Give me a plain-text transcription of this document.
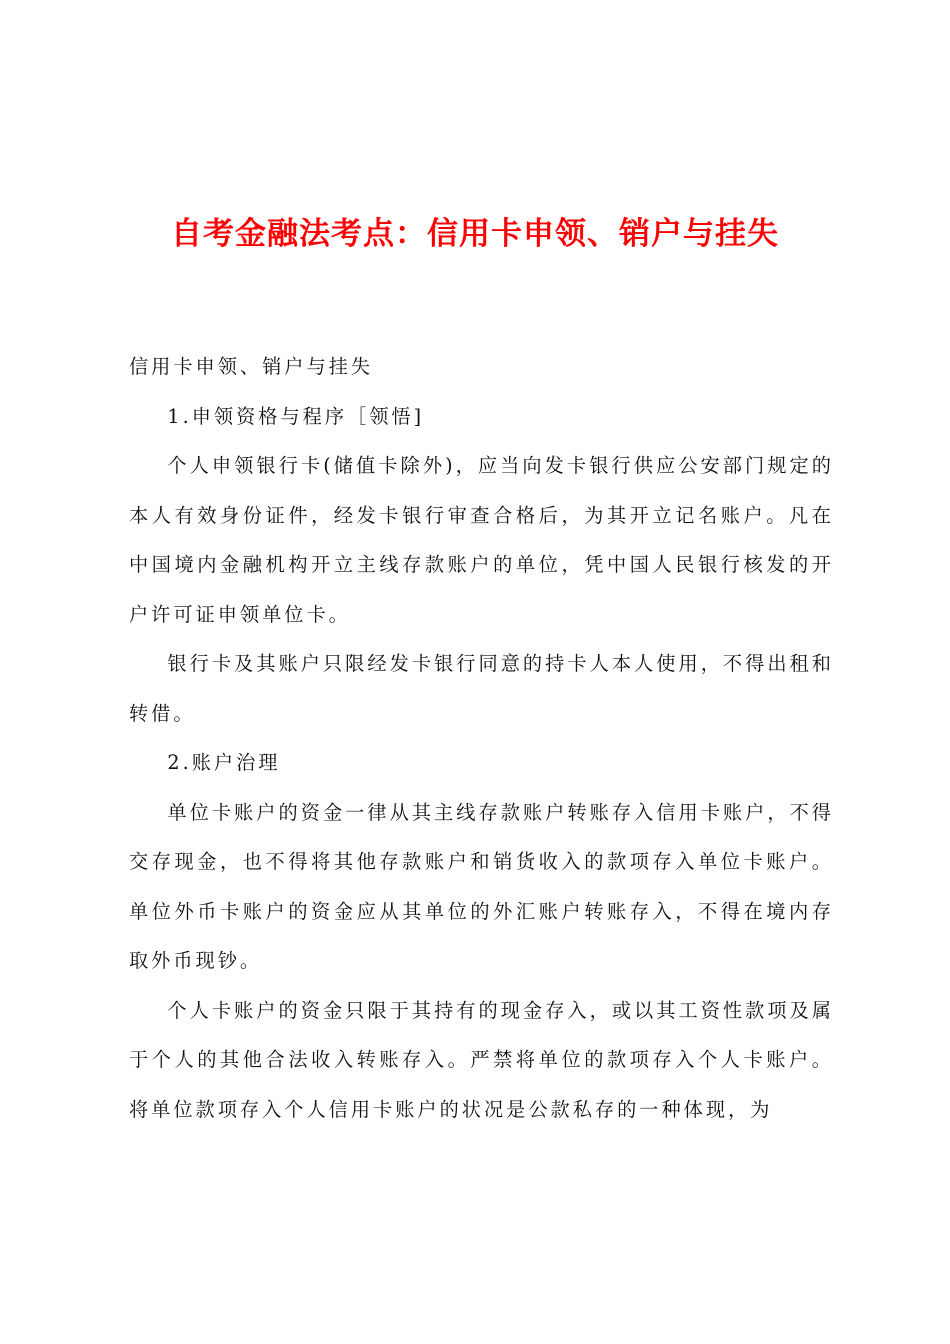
自考金融法考点：信用卡申领、销户与挂失

信用卡申领、销户与挂失

1.申领资格与程序［领悟]

个人申领银行卡(储值卡除外)，应当向发卡银行供应公安部门规定的本人有效身份证件，经发卡银行审查合格后，为其开立记名账户。凡在中国境内金融机构开立主线存款账户的单位，凭中国人民银行核发的开户许可证申领单位卡。

银行卡及其账户只限经发卡银行同意的持卡人本人使用，不得出租和转借。

2.账户治理

单位卡账户的资金一律从其主线存款账户转账存入信用卡账户，不得交存现金，也不得将其他存款账户和销货收入的款项存入单位卡账户。单位外币卡账户的资金应从其单位的外汇账户转账存入，不得在境内存取外币现钞。

个人卡账户的资金只限于其持有的现金存入，或以其工资性款项及属于个人的其他合法收入转账存入。严禁将单位的款项存入个人卡账户。将单位款项存入个人信用卡账户的状况是公款私存的一种体现，为
